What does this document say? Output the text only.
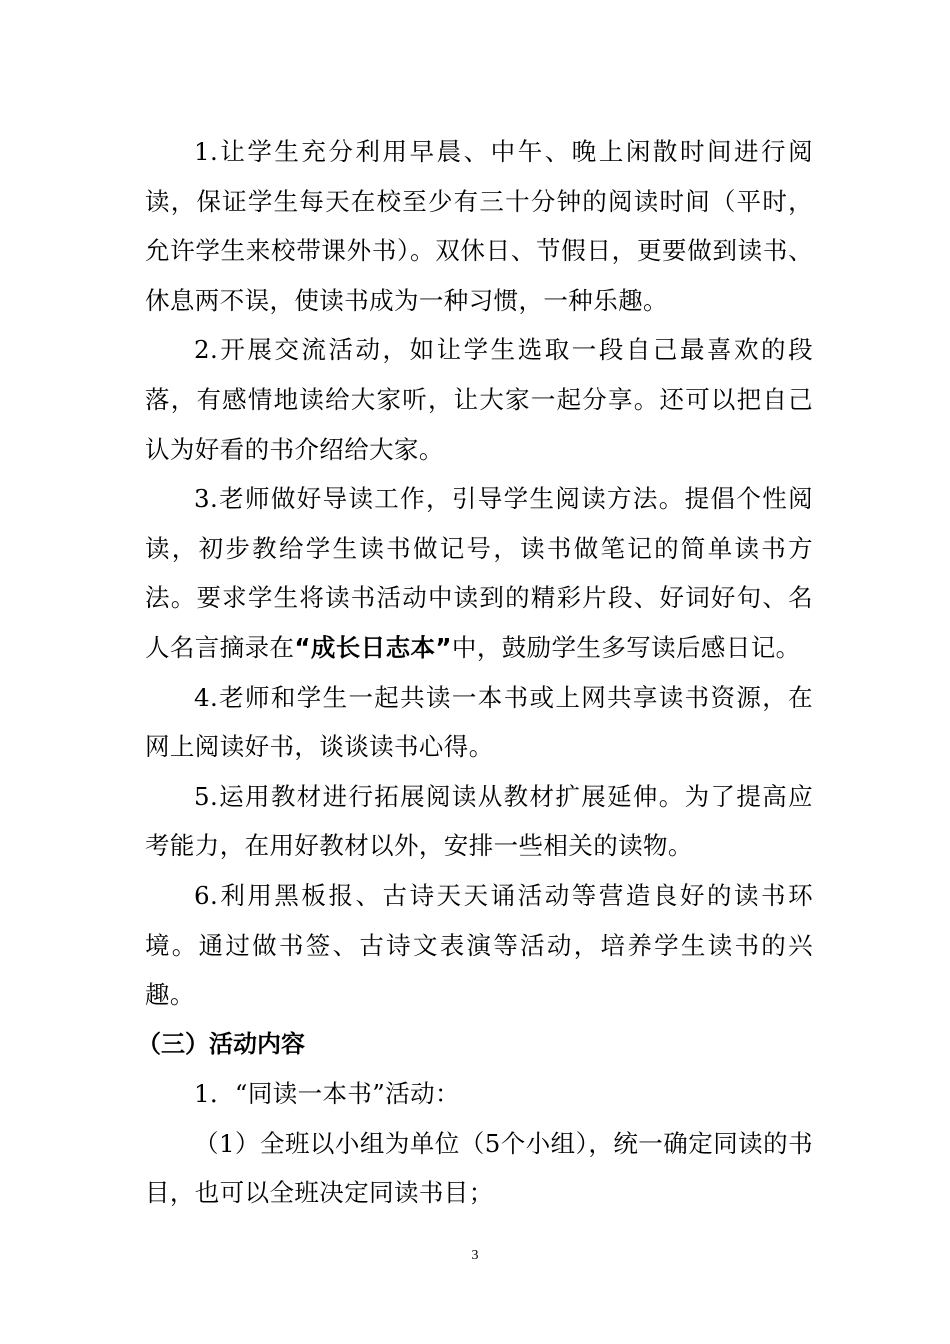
1.让学生充分利用早晨、中午、晚上闲散时间进行阅读，保证学生每天在校至少有三十分钟的阅读时间（平时，允许学生来校带课外书）。双休日、节假日，更要做到读书、休息两不误，使读书成为一种习惯，一种乐趣。

2.开展交流活动，如让学生选取一段自己最喜欢的段落，有感情地读给大家听，让大家一起分享。还可以把自己认为好看的书介绍给大家。

3.老师做好导读工作，引导学生阅读方法。提倡个性阅读，初步教给学生读书做记号，读书做笔记的简单读书方法。要求学生将读书活动中读到的精彩片段、好词好句、名人名言摘录在“成长日志本”中，鼓励学生多写读后感日记。

4.老师和学生一起共读一本书或上网共享读书资源，在网上阅读好书，谈谈读书心得。

5.运用教材进行拓展阅读从教材扩展延伸。为了提高应考能力，在用好教材以外，安排一些相关的读物。

6.利用黑板报、古诗天天诵活动等营造良好的读书环境。通过做书签、古诗文表演等活动，培养学生读书的兴趣。

（三）活动内容

1．“同读一本书”活动：

（1）全班以小组为单位（5个小组），统一确定同读的书目，也可以全班决定同读书目；

3
